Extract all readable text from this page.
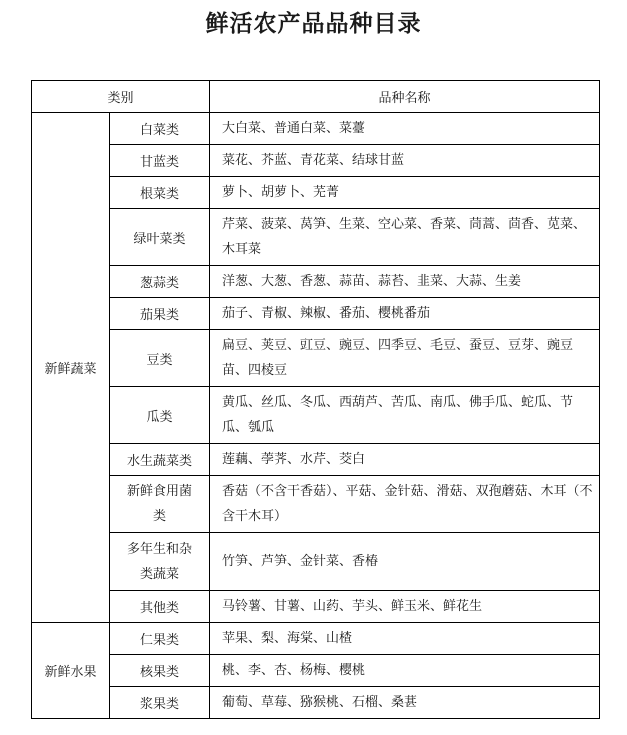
鲜活农产品品种目录
类别		品种名称
新鲜蔬菜	白菜类	大白菜、普通白菜、菜薹
	甘蓝类	菜花、芥蓝、青花菜、结球甘蓝
	根菜类	萝卜、胡萝卜、芜菁
	绿叶菜类	芹菜、菠菜、莴笋、生菜、空心菜、香菜、茼蒿、茴香、苋菜、木耳菜
	葱蒜类	洋葱、大葱、香葱、蒜苗、蒜苔、韭菜、大蒜、生姜
	茄果类	茄子、青椒、辣椒、番茄、樱桃番茄
	豆类	扁豆、荚豆、豇豆、豌豆、四季豆、毛豆、蚕豆、豆芽、豌豆苗、四棱豆
	瓜类	黄瓜、丝瓜、冬瓜、西葫芦、苦瓜、南瓜、佛手瓜、蛇瓜、节瓜、瓠瓜
	水生蔬菜类	莲藕、荸荠、水芹、茭白
	新鲜食用菌类	香菇（不含干香菇）、平菇、金针菇、滑菇、双孢蘑菇、木耳（不含干木耳）
	多年生和杂类蔬菜	竹笋、芦笋、金针菜、香椿
	其他类	马铃薯、甘薯、山药、芋头、鲜玉米、鲜花生
新鲜水果	仁果类	苹果、梨、海棠、山楂
	核果类	桃、李、杏、杨梅、樱桃
	浆果类	葡萄、草莓、猕猴桃、石榴、桑葚
